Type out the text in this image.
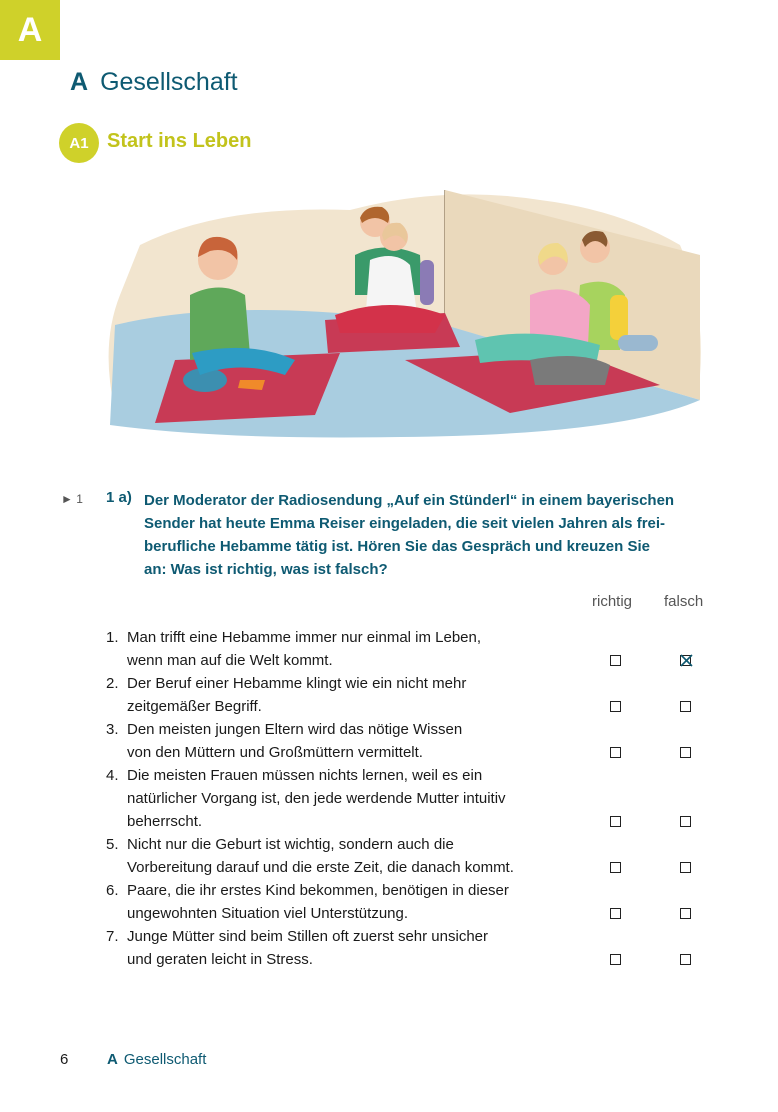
A
A Gesellschaft
A1 Start ins Leben
► 1 1 a) Der Moderator der Radiosendung „Auf ein Stünderl“ in einem bayerischen
Sender hat heute Emma Reiser eingeladen, die seit vielen Jahren als frei-
berufliche Hebamme tätig ist. Hören Sie das Gespräch und kreuzen Sie
an: Was ist richtig, was ist falsch?
richtig falsch
1. Man trifft eine Hebamme immer nur einmal im Leben,
wenn man auf die Welt kommt.
2. Der Beruf einer Hebamme klingt wie ein nicht mehr
zeitgemäßer Begriff.
3. Den meisten jungen Eltern wird das nötige Wissen
von den Müttern und Großmüttern vermittelt.
4. Die meisten Frauen müssen nichts lernen, weil es ein
natürlicher Vorgang ist, den jede werdende Mutter intuitiv
beherrscht.
5. Nicht nur die Geburt ist wichtig, sondern auch die
Vorbereitung darauf und die erste Zeit, die danach kommt.
6. Paare, die ihr erstes Kind bekommen, benötigen in dieser
ungewohnten Situation viel Unterstützung.
7. Junge Mütter sind beim Stillen oft zuerst sehr unsicher
und geraten leicht in Stress.
6	A Gesellschaft
